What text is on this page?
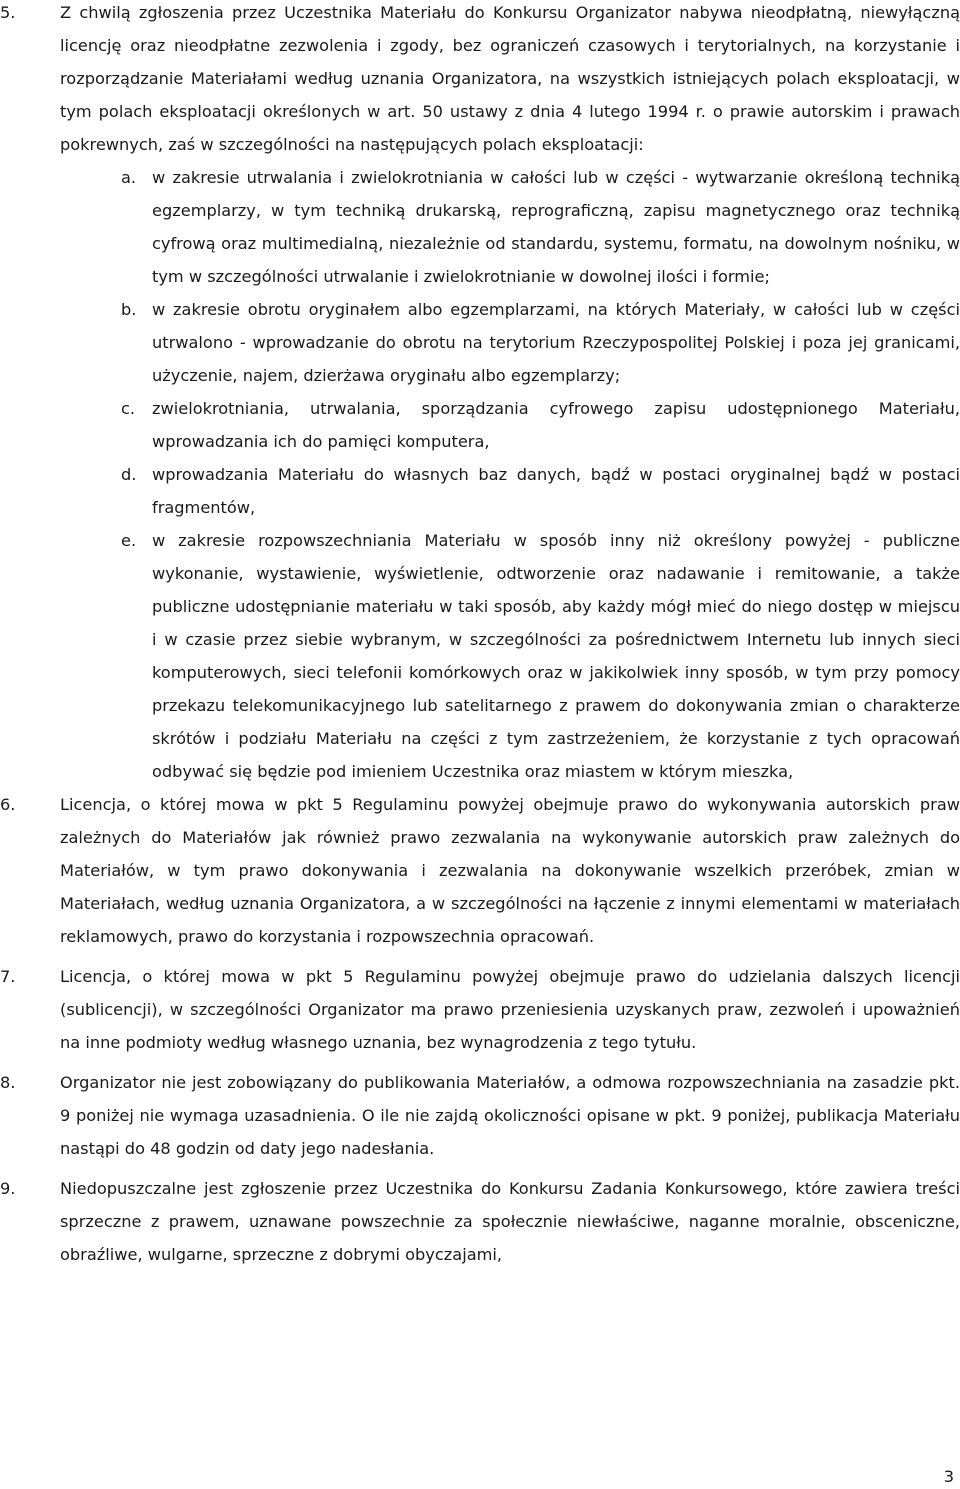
5.	Z chwilą zgłoszenia przez Uczestnika Materiału do Konkursu Organizator nabywa nieodpłatną, niewyłączną licencję oraz nieodpłatne zezwolenia i zgody, bez ograniczeń czasowych i terytorialnych, na korzystanie i rozporządzanie Materiałami według uznania Organizatora, na wszystkich istniejących polach eksploatacji, w tym polach eksploatacji określonych w art. 50 ustawy z dnia 4 lutego 1994 r. o prawie autorskim i prawach pokrewnych, zaś w szczególności na następujących polach eksploatacji:
a. w zakresie utrwalania i zwielokrotniania w całości lub w części - wytwarzanie określoną techniką egzemplarzy, w tym techniką drukarską, reprograficzną, zapisu magnetycznego oraz techniką cyfrową oraz multimedialną, niezależnie od standardu, systemu, formatu, na dowolnym nośniku, w tym w szczególności utrwalanie i zwielokrotnianie w dowolnej ilości i formie;
b. w zakresie obrotu oryginałem albo egzemplarzami, na których Materiały, w całości lub w części utrwalono - wprowadzanie do obrotu na terytorium Rzeczypospolitej Polskiej i poza jej granicami, użyczenie, najem, dzierżawa oryginału albo egzemplarzy;
c. zwielokrotniania, utrwalania, sporządzania cyfrowego zapisu udostępnionego Materiału, wprowadzania ich do pamięci komputera,
d. wprowadzania Materiału do własnych baz danych, bądź w postaci oryginalnej bądź w postaci fragmentów,
e. w zakresie rozpowszechniania Materiału w sposób inny niż określony powyżej - publiczne wykonanie, wystawienie, wyświetlenie, odtworzenie oraz nadawanie i remitowanie, a także publiczne udostępnianie materiału w taki sposób, aby każdy mógł mieć do niego dostęp w miejscu i w czasie przez siebie wybranym, w szczególności za pośrednictwem Internetu lub innych sieci komputerowych, sieci telefonii komórkowych oraz w jakikolwiek inny sposób, w tym przy pomocy przekazu telekomunikacyjnego lub satelitarnego z prawem do dokonywania zmian o charakterze skrótów i podziału Materiału na części z tym zastrzeżeniem, że korzystanie z tych opracowań odbywać się będzie pod imieniem Uczestnika oraz miastem w którym mieszka,
6.	Licencja, o której mowa w pkt 5 Regulaminu powyżej obejmuje prawo do wykonywania autorskich praw zależnych do Materiałów jak również prawo zezwalania na wykonywanie autorskich praw zależnych do Materiałów, w tym prawo dokonywania i zezwalania na dokonywanie wszelkich przeróbek, zmian w Materiałach, według uznania Organizatora, a w szczególności na łączenie z innymi elementami w materiałach reklamowych, prawo do korzystania i rozpowszechnia opracowań.
7.	Licencja, o której mowa w pkt 5 Regulaminu powyżej obejmuje prawo do udzielania dalszych licencji (sublicencji), w szczególności Organizator ma prawo przeniesienia uzyskanych praw, zezwoleń i upoważnień na inne podmioty według własnego uznania, bez wynagrodzenia z tego tytułu.
8.	Organizator nie jest zobowiązany do publikowania Materiałów, a odmowa rozpowszechniania na zasadzie pkt. 9 poniżej nie wymaga uzasadnienia. O ile nie zajdą okoliczności opisane w pkt. 9 poniżej, publikacja Materiału nastąpi do 48 godzin od daty jego nadesłania.
9.	Niedopuszczalne jest zgłoszenie przez Uczestnika do Konkursu Zadania Konkursowego, które zawiera treści sprzeczne z prawem, uznawane powszechnie za społecznie niewłaściwe, naganne moralnie, obsceniczne, obraźliwe, wulgarne, sprzeczne z dobrymi obyczajami,
3
